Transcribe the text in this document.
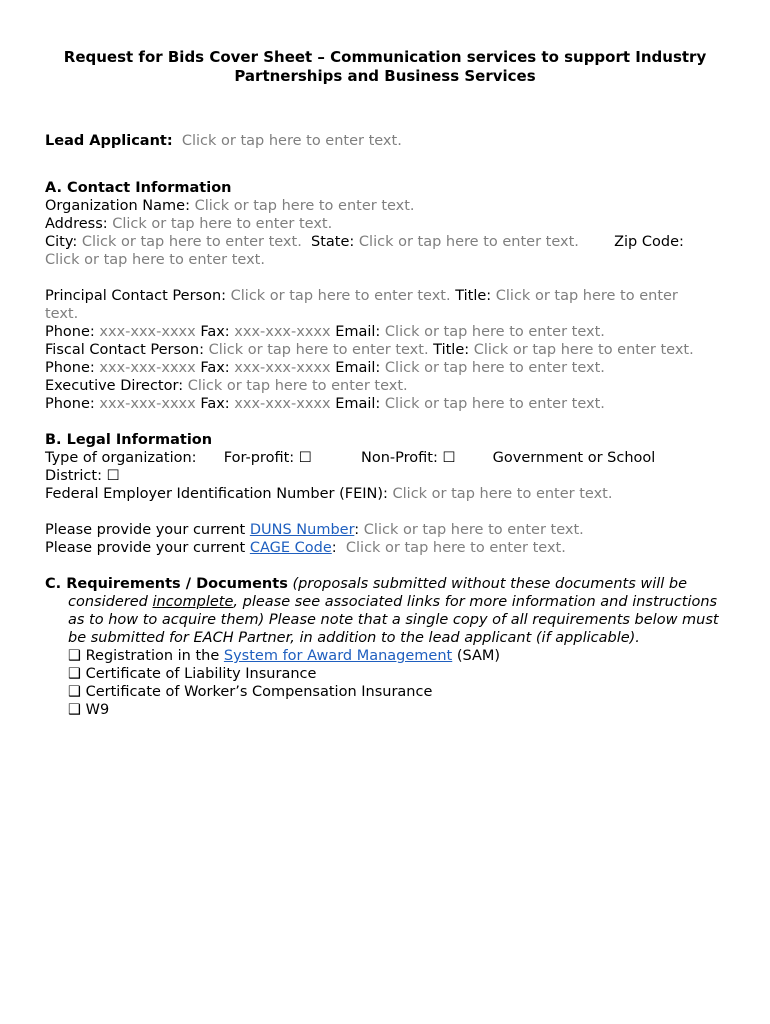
Request for Bids Cover Sheet – Communication services to support Industry
Partnerships and Business Services
Lead Applicant: Click or tap here to enter text.
A. Contact Information
Organization Name: Click or tap here to enter text.
Address: Click or tap here to enter text.
City: Click or tap here to enter text. State: Click or tap here to enter text. Zip Code:
Click or tap here to enter text.
Principal Contact Person: Click or tap here to enter text. Title: Click or tap here to enter
text.
Phone: xxx-xxx-xxxx Fax: xxx-xxx-xxxx Email: Click or tap here to enter text.
Fiscal Contact Person: Click or tap here to enter text. Title: Click or tap here to enter text.
Phone: xxx-xxx-xxxx Fax: xxx-xxx-xxxx Email: Click or tap here to enter text.
Executive Director: Click or tap here to enter text.
Phone: xxx-xxx-xxxx Fax: xxx-xxx-xxxx Email: Click or tap here to enter text.
B. Legal Information
Type of organization: For-profit: ☐	Non-Profit: ☐	Government or School
District: ☐
Federal Employer Identification Number (FEIN): Click or tap here to enter text.
Please provide your current DUNS Number: Click or tap here to enter text.
Please provide your current CAGE Code: Click or tap here to enter text.
C. Requirements / Documents (proposals submitted without these documents will be considered incomplete, please see associated links for more information and instructions as to how to acquire them) Please note that a single copy of all requirements below must be submitted for EACH Partner, in addition to the lead applicant (if applicable).
❑ Registration in the System for Award Management (SAM)
❑ Certificate of Liability Insurance
❑ Certificate of Worker’s Compensation Insurance
❑ W9
